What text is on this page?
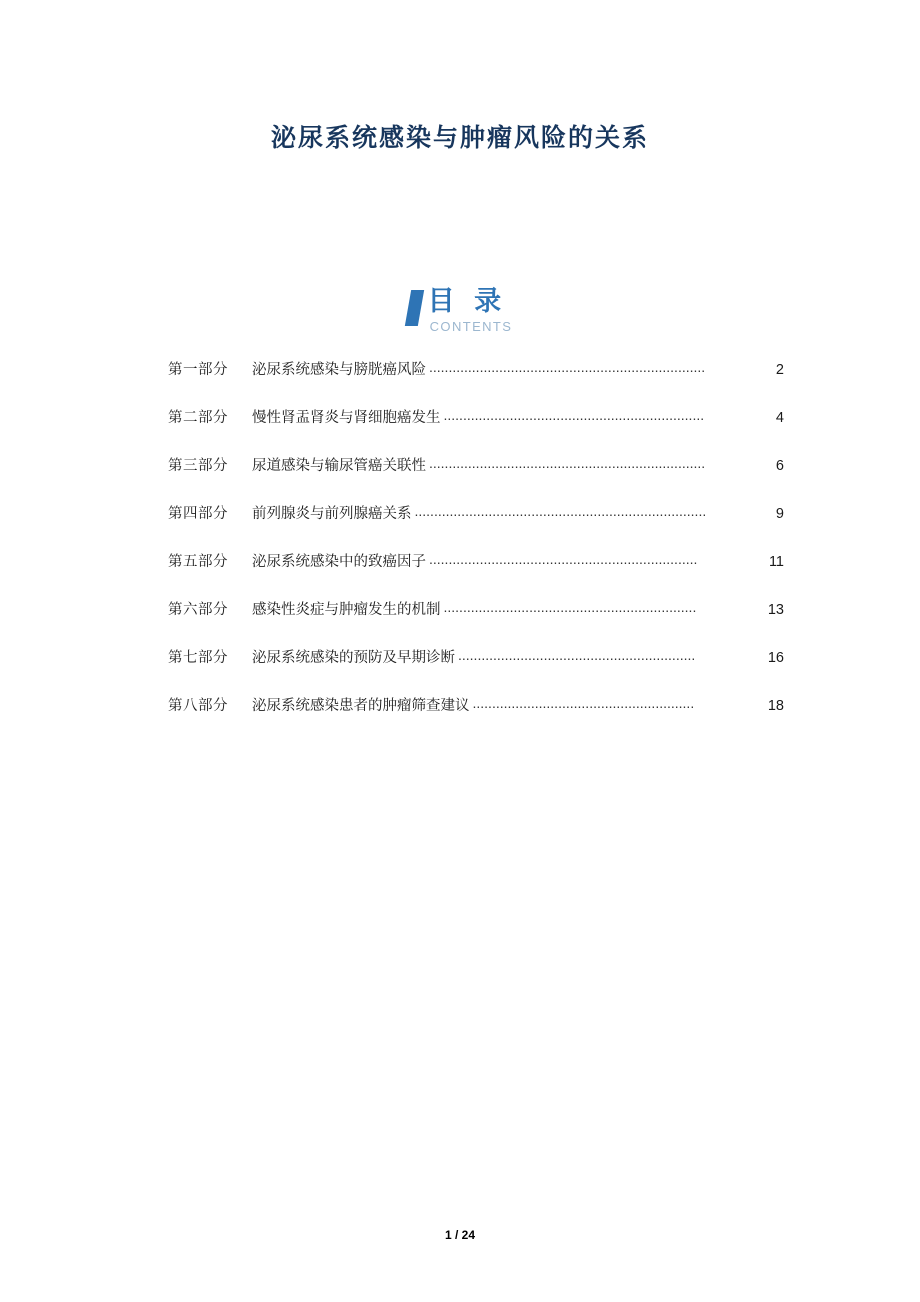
泌尿系统感染与肿瘤风险的关系
目 录
CONTENTS
第一部分	泌尿系统感染与膀胱癌风险 .......................................................................	2
第二部分	慢性肾盂肾炎与肾细胞癌发生 ...................................................................	4
第三部分	尿道感染与输尿管癌关联性 .......................................................................	6
第四部分	前列腺炎与前列腺癌关系 ...........................................................................	9
第五部分	泌尿系统感染中的致癌因子 .....................................................................	11
第六部分	感染性炎症与肿瘤发生的机制 .................................................................	13
第七部分	泌尿系统感染的预防及早期诊断 .............................................................	16
第八部分	泌尿系统感染患者的肿瘤筛查建议 .........................................................	18
1 / 24
